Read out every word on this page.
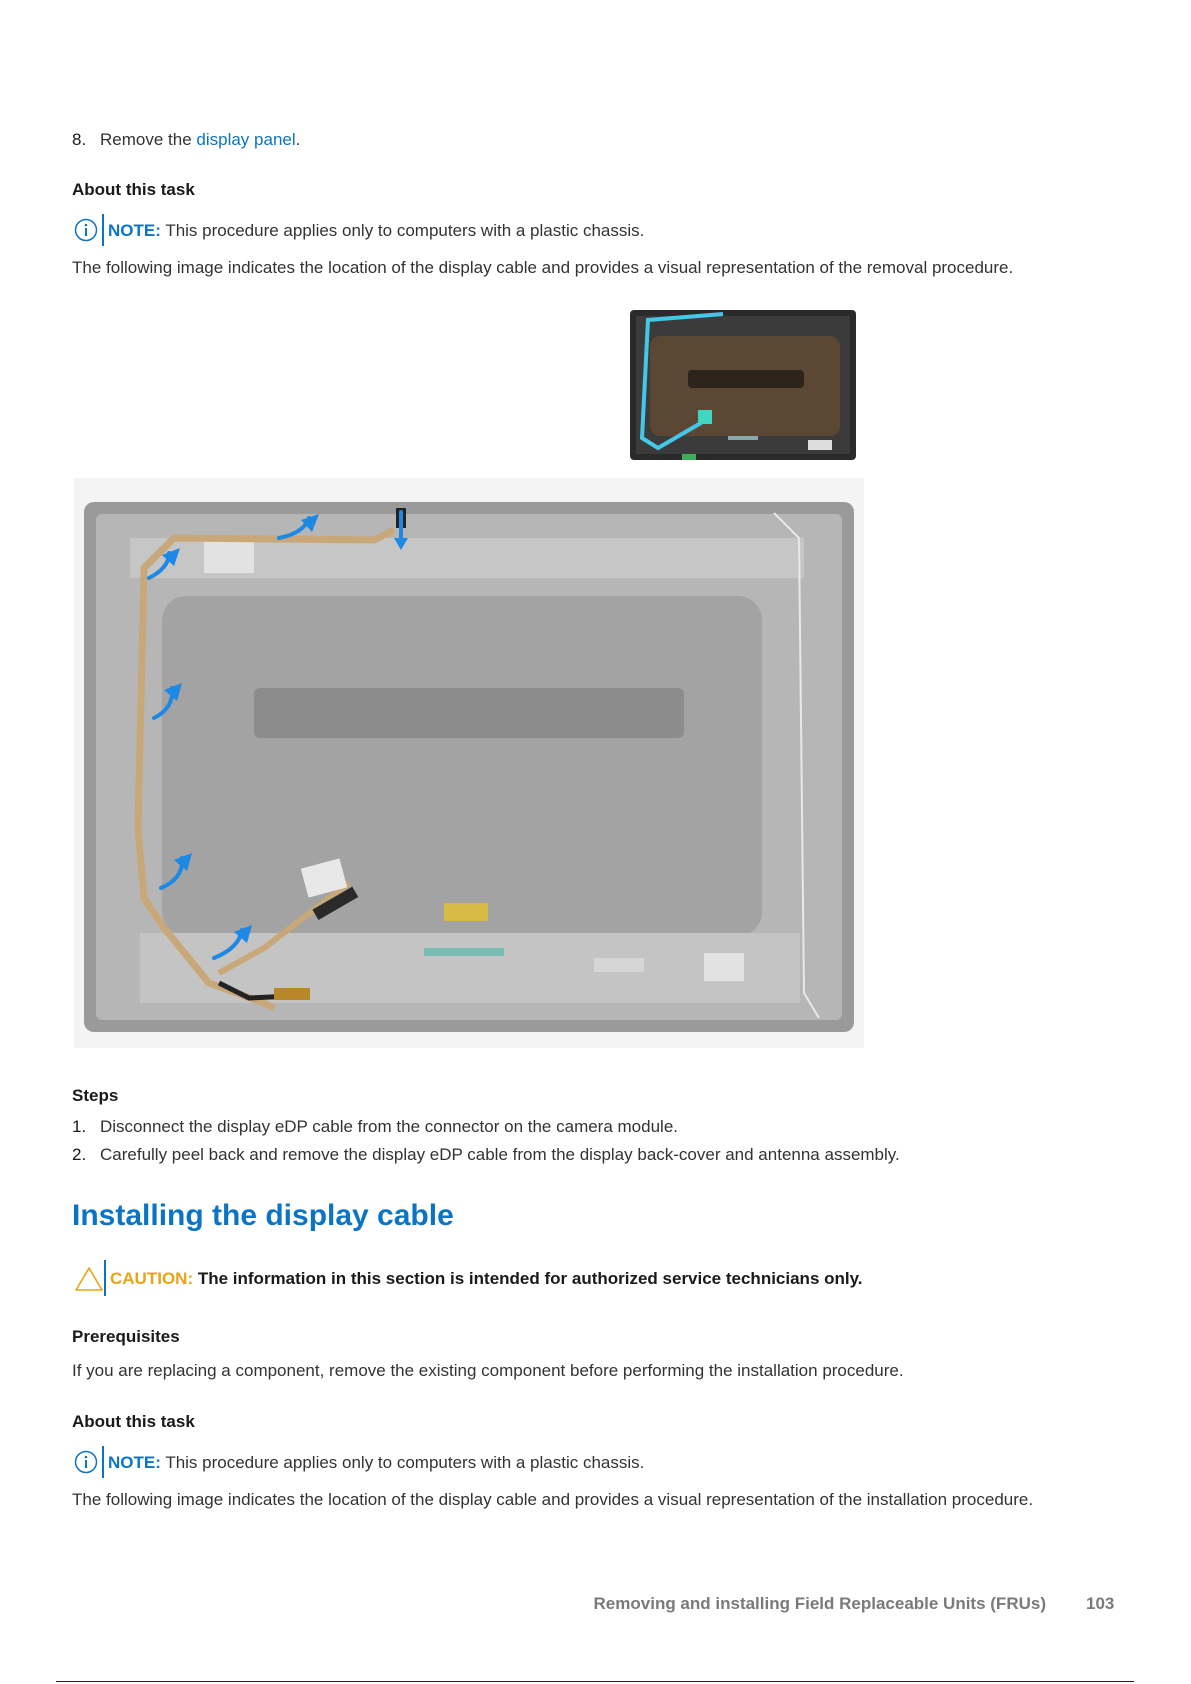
8. Remove the display panel.
About this task
NOTE: This procedure applies only to computers with a plastic chassis.
The following image indicates the location of the display cable and provides a visual representation of the removal procedure.
Steps
1. Disconnect the display eDP cable from the connector on the camera module.
2. Carefully peel back and remove the display eDP cable from the display back-cover and antenna assembly.
Installing the display cable
CAUTION: The information in this section is intended for authorized service technicians only.
Prerequisites
If you are replacing a component, remove the existing component before performing the installation procedure.
About this task
NOTE: This procedure applies only to computers with a plastic chassis.
The following image indicates the location of the display cable and provides a visual representation of the installation procedure.
Removing and installing Field Replaceable Units (FRUs) 103
